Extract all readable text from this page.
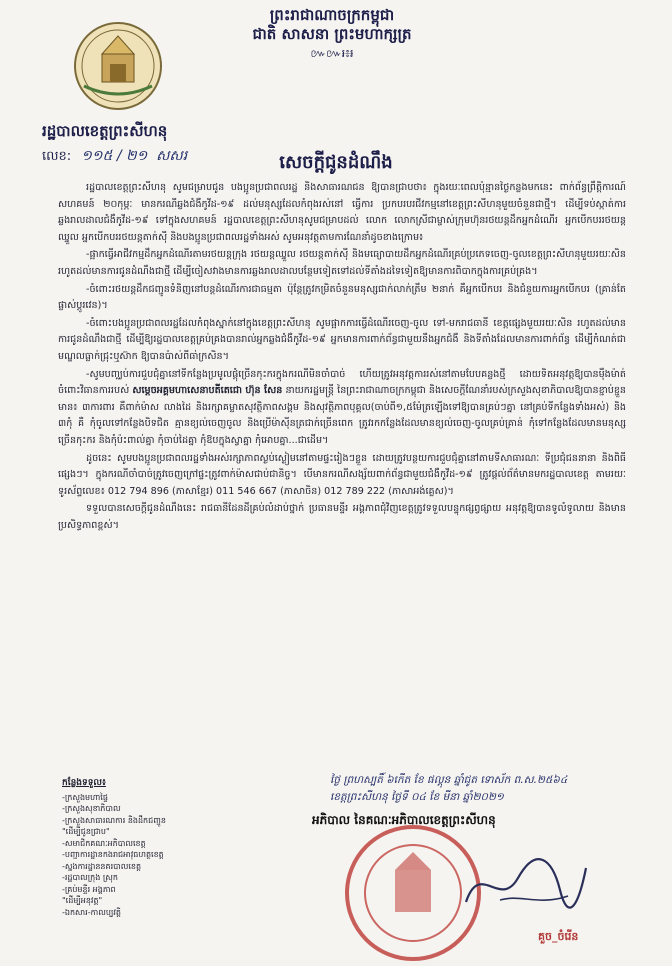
ព្រះរាជាណាចក្រកម្ពុជា
ជាតិ សាសនា ព្រះមហាក្សត្រ
៚៚៛៖៛
រដ្ឋបាលខេត្តព្រះសីហនុ
លេខ: ១១៥ / ២១ ​ សសរ	សេចក្តីជូនដំណឹង

រដ្ឋបាលខេត្តព្រះសីហនុ សូមជម្រាបជូន បងប្អូនប្រជាពលរដ្ឋ និងសាធារណជន ឱ្យបានជ្រាបថា៖ ក្នុងរយៈពេលប៉ុន្មានថ្ងៃកន្លងមកនេះ ពាក់ព័ន្ធព្រឹត្តិការណ៍សហគមន៍ ២០កុម្ភៈ មានករណីឆ្លងជំងឺកូវីដ-១៩ ដល់មនុស្សដែលកំពុងរស់នៅ ធ្វើការ ប្រកបរបរជីវកម្មនៅខេត្តព្រះសីហនុមួយចំនួនជាថ្មី។ ដើម្បីទប់ស្កាត់ការឆ្លងរាលដាលជំងឺកូវីដ-១៩ ទៅក្នុងសហគមន៍ រដ្ឋបាលខេត្តព្រះសីហនុសូមជម្រាបដល់ លោក លោកស្រីជាម្ចាស់ក្រុមហ៊ុនរថយន្តដឹកអ្នកដំណើរ អ្នកបើកបររថយន្តឈ្នួល អ្នកបើកបររថយន្តតាក់ស៊ី និងបងប្អូនប្រជាពលរដ្ឋទាំងអស់ សូមអនុវត្តតាមការណែនាំដូចខាងក្រោម៖

-ផ្អាកធ្វើអាជីវកម្មដឹកអ្នកដំណើរតាមរថយន្តក្រុង រថយន្តឈ្នួល រថយន្តតាក់ស៊ី និងមធ្យោបាយដឹកអ្នកដំណើរគ្រប់ប្រភេទចេញ-ចូលខេត្តព្រះសីហនុមួយរយៈសិន រហូតដល់មានការជូនដំណឹងជាថ្មី ដើម្បីចៀសវាងមានការឆ្លងរាលដាលបន្ថែមទៀតទៅដល់ទីតាំងដទៃទៀតឱ្យមានការពិបាកក្នុងការគ្រប់គ្រង។

-ចំពោះរថយន្តដឹកជញ្ជូនទំនិញនៅបន្តដំណើរការជាធម្មតា ប៉ុន្តែត្រូវកម្រិតចំនួនមនុស្សជាក់លាក់ត្រឹម ២នាក់ គឺអ្នកបើកបរ និងជំនួយការអ្នកបើកបរ (គ្រាន់តែផ្លាស់ប្តូរវេន)។

-ចំពោះបងប្អូនប្រជាពលរដ្ឋដែលកំពុងស្នាក់នៅក្នុងខេត្តព្រះសីហនុ សូមផ្អាកការធ្វើដំណើរចេញ-ចូល ទៅ-មករាជធានី ខេត្តផ្សេងមួយរយៈសិន រហូតដល់មានការជូនដំណឹងជាថ្មី ដើម្បីឱ្យរដ្ឋបាលខេត្តគ្រប់គ្រងបានរាល់អ្នកឆ្លងជំងឺកូវីដ-១៩ អ្នកមានការពាក់ព័ន្ធជាមួយនឹងអ្នកជំងឺ និងទីតាំងដែលមានការពាក់ព័ន្ធ ដើម្បីកំណត់ជា មណ្ឌលធ្លាក់ជ្រុះឬស៊ាក ឱ្យបានប៉ាស់ពីធា់ក្រសិន។

-សូមបញ្ឈប់ការជួបជុំគ្នានៅទីកន្លែងប្រមូលផ្តុំច្រើនកុះករក្នុងករណីមិនចាំបាច់ ហើយត្រូវអនុវត្តការរស់នៅតាមបែបគន្លងថ្មី ដោយទិតអនុវត្តឱ្យបានម៉ឺងម៉ាត់ចំពោះវិធានការរបស់ សម្តេចអគ្គមហាសេនាបតីតេជោ ហ៊ុន សែន នាយករដ្ឋមន្ត្រី នៃព្រះរាជាណាចក្រកម្ពុជា និងសេចក្តីណែនាំរបស់ក្រសួងសុខាភិបាលឱ្យបានខ្ជាប់ខ្ជួនមាន៖ ៣ការពារ គឺពាក់ម៉ាស លាងដៃ និងរក្សាគម្លាតសុវត្ថិភាពសង្គម និងសុវត្ថិភាពបុគ្គល(ចាប់ពី១,៥ម៉ែត្រឡើងទៅឱ្យបានគ្រប់ៗគ្នា នៅគ្រប់ទីកន្លែងទាំងអស់) និង ៣កុំ គឺ កុំចូលទៅកន្លែងបិទជិត គ្មានខ្យល់ចេញចូល និងប្រើម៉ាស៊ីនត្រជាក់ច្រើនពេក ត្រូវរកកន្លែងដែលមានខ្យល់ចេញ-ចូលគ្រប់គ្រាន់ កុំទៅកន្លែងដែលមានមនុស្សច្រើនកុះករ និងកុំប៉ះពាល់គ្នា កុំចាប់ដៃគ្នា កុំឱបក្នុងស្វាគ្នា កុំអោបគ្នា...ជាដើម។

ដូចនេះ សូមបងប្អូនប្រជាពលរដ្ឋទាំងអស់រក្សាភាពស្ងប់ស្ងៀមនៅតាមផ្ទះរៀងៗខ្លួន ដោយត្រូវបន្ថយការជួបជុំគ្នានៅតាមទីសាធារណៈ ទីប្រជុំជននានា និងពិធីផ្សេងៗ។ ក្នុងករណីចាំបាច់ត្រូវចេញក្រៅផ្ទះត្រូវពាក់ម៉ាសជាប់ជានិច្ច។ បើមានករណីសង្ស័យពាក់ព័ន្ធជាមួយជំងឺកូវីដ-១៩ ត្រូវផ្តល់ព័ត៌មានមករដ្ឋបាលខេត្ត តាមរយៈទូរស័ព្ទលេខ៖ 012 794 896 (ភាសាខ្មែរ) 011 546 667 (ភាសាចិន) 012 789 222 (ភាសាអង់គ្លេស)។

ទទួលបានសេចក្តីជូនដំណឹងនេះ រាជធានីដែនដីគ្រប់លំដាប់ថ្នាក់ ប្រធានមន្ទីរ អង្គភាពជុំវិញខេត្តត្រូវទទួលបន្ទុកផ្សព្វផ្សាយ អនុវត្តឱ្យបានទូលំទូលាយ និងមានប្រសិទ្ធភាពខ្ពស់។

កន្លែងទទួល៖
-ក្រសួងមហាផ្ទៃ
-ក្រសួងសុខាភិបាល
-ក្រសួងសាធារណការ និងដឹកជញ្ជូន
"ដើម្បីជូនជ្រាប"
-សមាជិកគណៈអភិបាលខេត្ត
-បញ្ជាការដ្ឋានកងរាជអាវុធហត្ថខេត្ត
-ស្នងការដ្ឋាននគរបាលខេត្ត
-រដ្ឋបាលក្រុង ស្រុក
-គ្រប់មន្ទីរ អង្គភាព
"ដើម្បីអនុវត្ត"
-ឯកសារ-កាលប្បវត្តិ
ថ្ងៃ ព្រហស្បតិ៍ ៦កើត ខែ ផល្គុន ឆ្នាំជូត ទោស័ក ព.ស.២៥៦៤
ខេត្តព្រះសីហនុ ថ្ងៃទី ០៤ ខែ មីនា ឆ្នាំ២០២១
អភិបាល នៃគណៈអភិបាលខេត្តព្រះសីហនុ
គួច_ចំរើន
